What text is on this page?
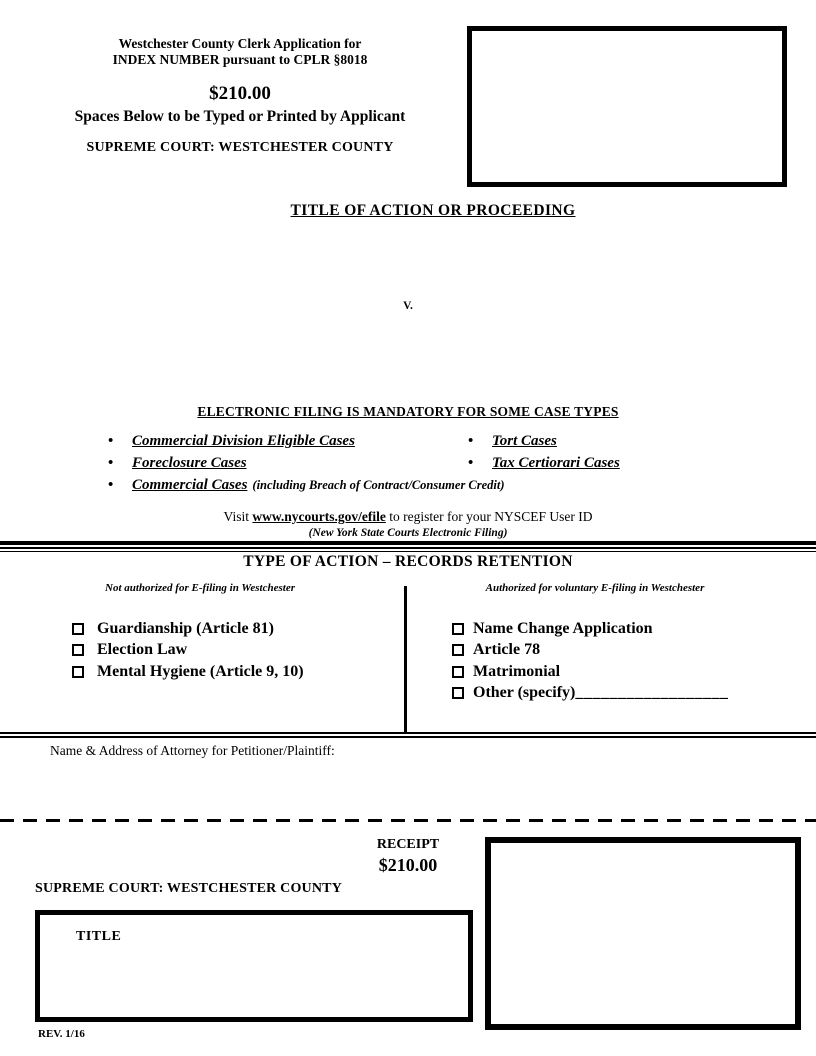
Westchester County Clerk Application for
INDEX NUMBER pursuant to CPLR §8018
$210.00
Spaces Below to be Typed or Printed by Applicant
SUPREME COURT: WESTCHESTER COUNTY
TITLE OF ACTION OR PROCEEDING
V.
ELECTRONIC FILING IS MANDATORY FOR SOME CASE TYPES
•	Commercial Division Eligible Cases
•	Foreclosure Cases
•	Commercial Cases (including Breach of Contract/Consumer Credit)
•	Tort Cases
•	Tax Certiorari Cases
Visit www.nycourts.gov/efile to register for your NYSCEF User ID
(New York State Courts Electronic Filing)
TYPE OF ACTION – RECORDS RETENTION
Not authorized for E-filing in Westchester	Authorized for voluntary E-filing in Westchester
Guardianship (Article 81)
Election Law
Mental Hygiene (Article 9, 10)
Name Change Application
Article 78
Matrimonial
Other (specify) __________________
Name & Address of Attorney for Petitioner/Plaintiff:
RECEIPT
$210.00
SUPREME COURT: WESTCHESTER COUNTY
TITLE
REV. 1/16
